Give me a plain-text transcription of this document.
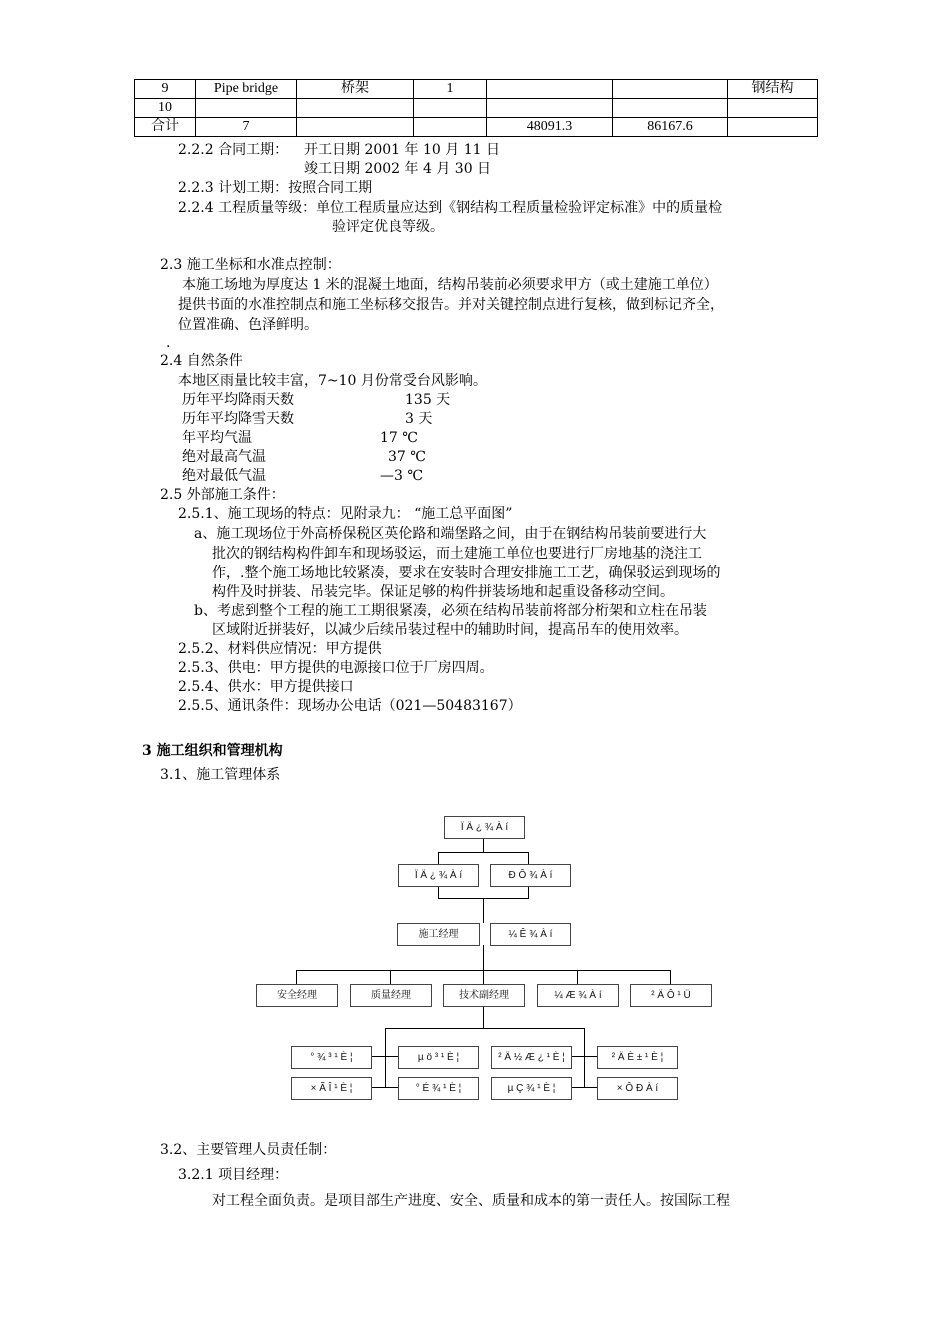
9	Pipe bridge	桥架	1			钢结构
10						
合计	7			48091.3	86167.6	
2.2.2 合同工期： 开工日期 2001 年 10 月 11 日
竣工日期 2002 年 4 月 30 日
2.2.3 计划工期：按照合同工期
2.2.4 工程质量等级：单位工程质量应达到《钢结构工程质量检验评定标准》中的质量检
验评定优良等级。
2.3 施工坐标和水准点控制：
本施工场地为厚度达 1 米的混凝土地面，结构吊装前必须要求甲方（或土建施工单位）
提供书面的水准控制点和施工坐标移交报告。并对关键控制点进行复核，做到标记齐全，
位置准确、色泽鲜明。
.
2.4 自然条件
本地区雨量比较丰富，7~10 月份常受台风影响。
历年平均降雨天数	135 天
历年平均降雪天数	3 天
年平均气温	17 ℃
绝对最高气温	37 ℃
绝对最低气温	—3 ℃
2.5 外部施工条件：
2.5.1、施工现场的特点：见附录九： “施工总平面图”
a、施工现场位于外高桥保税区英伦路和端堡路之间，由于在钢结构吊装前要进行大
批次的钢结构构件卸车和现场驳运，而土建施工单位也要进行厂房地基的浇注工
作，.整个施工场地比较紧凑，要求在安装时合理安排施工工艺，确保驳运到现场的
构件及时拼装、吊装完毕。保证足够的构件拼装场地和起重设备移动空间。
b、考虑到整个工程的施工工期很紧凑，必须在结构吊装前将部分桁架和立柱在吊装
区域附近拼装好，以减少后续吊装过程中的辅助时间，提高吊车的使用效率。
2.5.2、材料供应情况：甲方提供
2.5.3、供电：甲方提供的电源接口位于厂房四周。
2.5.4、供水：甲方提供接口
2.5.5、通讯条件：现场办公电话（021—50483167）
3 施工组织和管理机构
3.1、施工管理体系
Ï Ä ¿ ¾ À í
Ï Ä ¿ ¾ À í	Ð Ô ¾ À í
施工经理	¼ Ê ¾ À í
安全经理	质量经理	技术副经理	¼ Æ ¾ À í	² Ä Ô ¹ Ü
° ¾ ³ ¹ È ¦	µ ö ³ ¹ È ¦	² Ä ½ Æ ¿ ¹ È ¦	² Ä È ± ¹ È ¦
× Ã Î ¹ È ¦	° É ¾ ¹ È ¦	µ Ç ¾ ¹ È ¦	× Ô Ð À í
3.2、主要管理人员责任制：
3.2.1 项目经理：
对工程全面负责。是项目部生产进度、安全、质量和成本的第一责任人。按国际工程
